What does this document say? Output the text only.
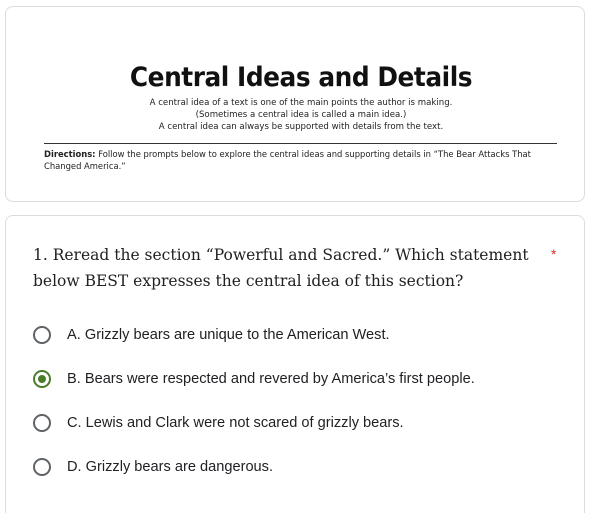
Central Ideas and Details

A central idea of a text is one of the main points the author is making.

(Sometimes a central idea is called a main idea.)

A central idea can always be supported with details from the text.

Directions: Follow the prompts below to explore the central ideas and supporting details in “The Bear Attacks That Changed America.”
1. Reread the section “Powerful and Sacred.” Which statement below BEST expresses the central idea of this section?
*
A. Grizzly bears are unique to the American West.
B. Bears were respected and revered by America’s first people.
C. Lewis and Clark were not scared of grizzly bears.
D. Grizzly bears are dangerous.
